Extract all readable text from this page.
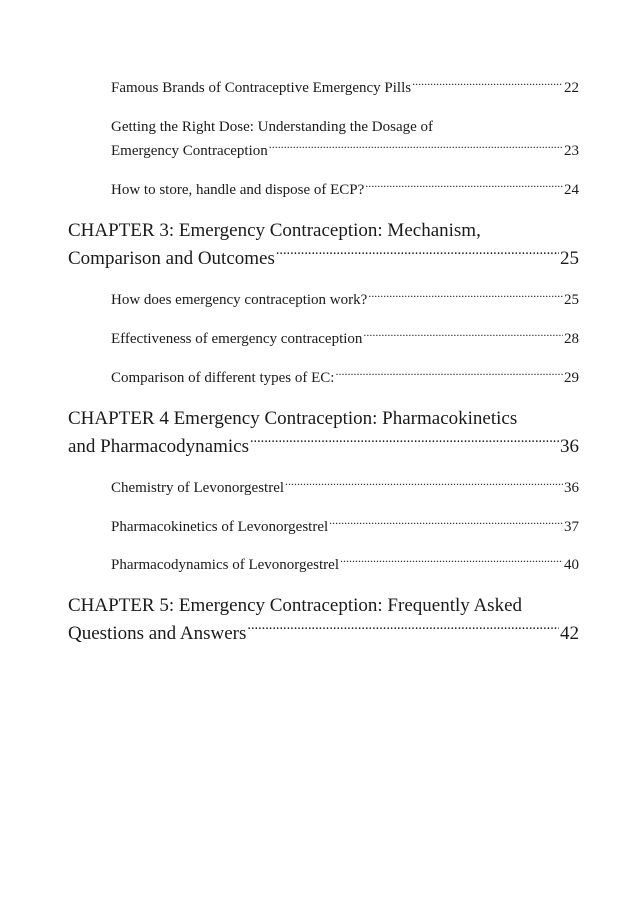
Famous Brands of Contraceptive Emergency Pills .....	22
Getting the Right Dose: Understanding the Dosage of
Emergency Contraception .....	23
How to store, handle and dispose of ECP? .....	24
CHAPTER 3: Emergency Contraception: Mechanism,
Comparison and Outcomes .....	25
How does emergency contraception work? .....	25
Effectiveness of emergency contraception .....	28
Comparison of different types of EC: .....	29
CHAPTER 4 Emergency Contraception: Pharmacokinetics
and Pharmacodynamics .....	36
Chemistry of Levonorgestrel .....	36
Pharmacokinetics of Levonorgestrel .....	37
Pharmacodynamics of Levonorgestrel .....	40
CHAPTER 5: Emergency Contraception: Frequently Asked
Questions and Answers .....	42
